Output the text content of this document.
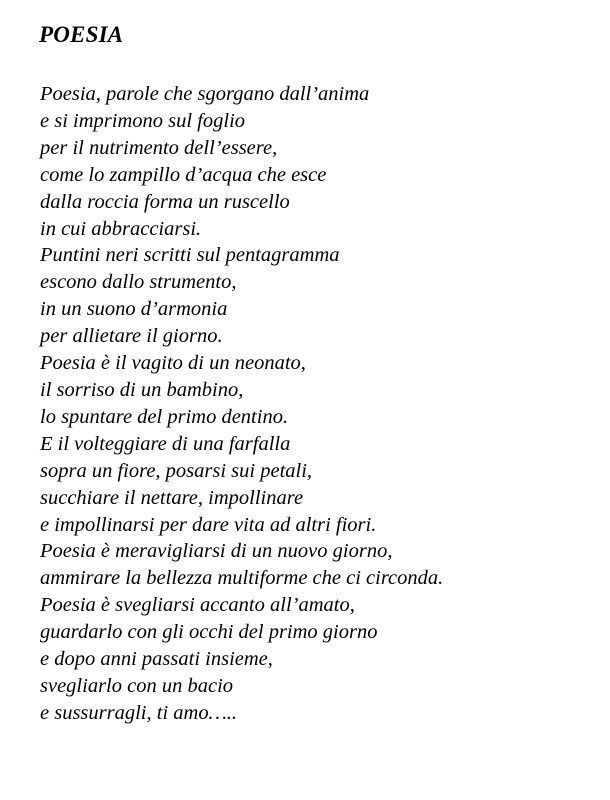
POESIA
Poesia, parole che sgorgano dall’anima
e si imprimono sul foglio
per il nutrimento dell’essere,
come lo zampillo d’acqua che esce
dalla roccia forma un ruscello
in cui abbracciarsi.
Puntini neri scritti sul pentagramma
escono dallo strumento,
in un suono d’armonia
per allietare il giorno.
Poesia è il vagito di un neonato,
il sorriso di un bambino,
lo spuntare del primo dentino.
E il volteggiare di una farfalla
sopra un fiore, posarsi sui petali,
succhiare il nettare, impollinare
e impollinarsi per dare vita ad altri fiori.
Poesia è meravigliarsi di un nuovo giorno,
ammirare la bellezza multiforme che ci circonda.
Poesia è svegliarsi accanto all’amato,
guardarlo con gli occhi del primo giorno
e dopo anni passati insieme,
svegliarlo con un bacio
e sussurragli, ti amo…..
